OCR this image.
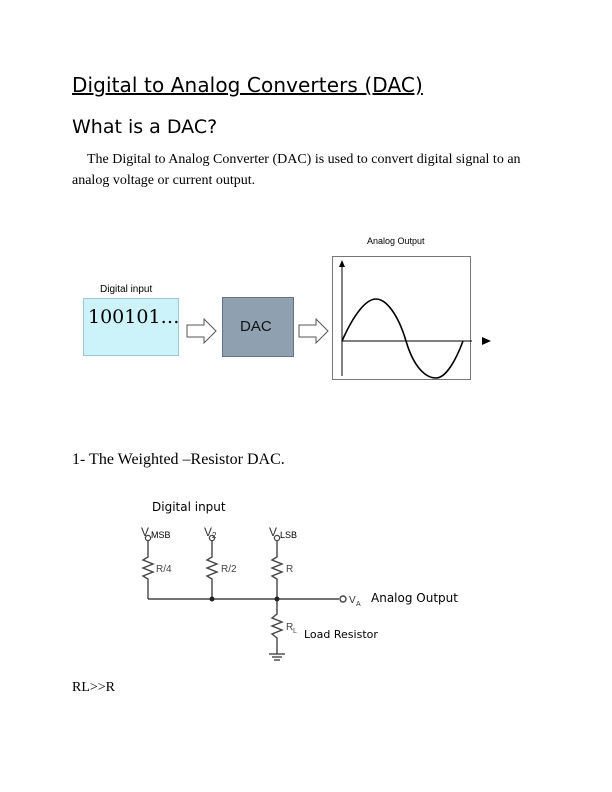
Digital to Analog Converters (DAC)
What is a DAC?
The Digital to Analog Converter (DAC) is used to convert digital signal to an analog voltage or current output.
Analog Output
Digital input
100101…	DAC
1- The Weighted –Resistor DAC.
Digital input
V	V 2	V
R/4	R/2	R
R L
V A
MSB	LSB
Analog Output
Load Resistor
RL>>R
